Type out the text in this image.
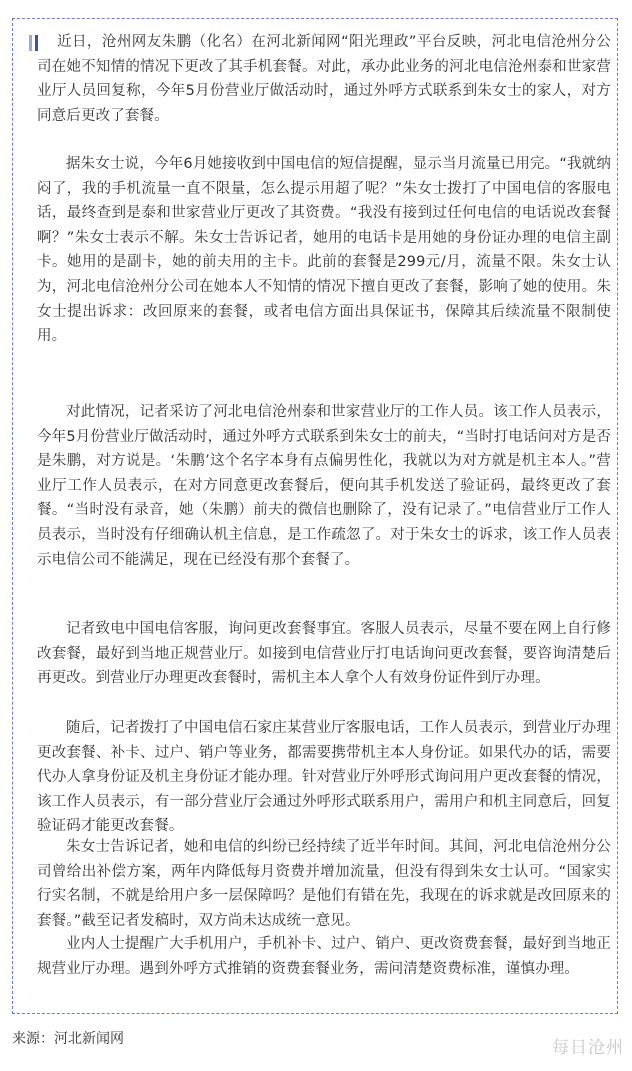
近日，沧州网友朱鹏（化名）在河北新闻网“阳光理政”平台反映，河北电信沧州分公司在她不知情的情况下更改了其手机套餐。对此，承办此业务的河北电信沧州泰和世家营业厅人员回复称，今年5月份营业厅做活动时，通过外呼方式联系到朱女士的家人，对方同意后更改了套餐。

据朱女士说，今年6月她接收到中国电信的短信提醒，显示当月流量已用完。“我就纳闷了，我的手机流量一直不限量，怎么提示用超了呢？”朱女士拨打了中国电信的客服电话，最终查到是泰和世家营业厅更改了其资费。“我没有接到过任何电信的电话说改套餐啊？”朱女士表示不解。朱女士告诉记者，她用的电话卡是用她的身份证办理的电信主副卡。她用的是副卡，她的前夫用的主卡。此前的套餐是299元/月，流量不限。朱女士认为，河北电信沧州分公司在她本人不知情的情况下擅自更改了套餐，影响了她的使用。朱女士提出诉求：改回原来的套餐，或者电信方面出具保证书，保障其后续流量不限制使用。

对此情况，记者采访了河北电信沧州泰和世家营业厅的工作人员。该工作人员表示，今年5月份营业厅做活动时，通过外呼方式联系到朱女士的前夫，“当时打电话问对方是否是朱鹏，对方说是。‘朱鹏’这个名字本身有点偏男性化，我就以为对方就是机主本人。”营业厅工作人员表示，在对方同意更改套餐后，便向其手机发送了验证码，最终更改了套餐。“当时没有录音，她（朱鹏）前夫的微信也删除了，没有记录了。”电信营业厅工作人员表示，当时没有仔细确认机主信息，是工作疏忽了。对于朱女士的诉求，该工作人员表示电信公司不能满足，现在已经没有那个套餐了。

记者致电中国电信客服，询问更改套餐事宜。客服人员表示，尽量不要在网上自行修改套餐，最好到当地正规营业厅。如接到电信营业厅打电话询问更改套餐，要咨询清楚后再更改。到营业厅办理更改套餐时，需机主本人拿个人有效身份证件到厅办理。

随后，记者拨打了中国电信石家庄某营业厅客服电话，工作人员表示，到营业厅办理更改套餐、补卡、过户、销户等业务，都需要携带机主本人身份证。如果代办的话，需要代办人拿身份证及机主身份证才能办理。针对营业厅外呼形式询问用户更改套餐的情况，该工作人员表示，有一部分营业厅会通过外呼形式联系用户，需用户和机主同意后，回复验证码才能更改套餐。

朱女士告诉记者，她和电信的纠纷已经持续了近半年时间。其间，河北电信沧州分公司曾给出补偿方案，两年内降低每月资费并增加流量，但没有得到朱女士认可。“国家实行实名制，不就是给用户多一层保障吗？是他们有错在先，我现在的诉求就是改回原来的套餐。”截至记者发稿时，双方尚未达成统一意见。

业内人士提醒广大手机用户，手机补卡、过户、销户、更改资费套餐，最好到当地正规营业厅办理。遇到外呼方式推销的资费套餐业务，需问清楚资费标准，谨慎办理。

来源：河北新闻网	每日沧州
